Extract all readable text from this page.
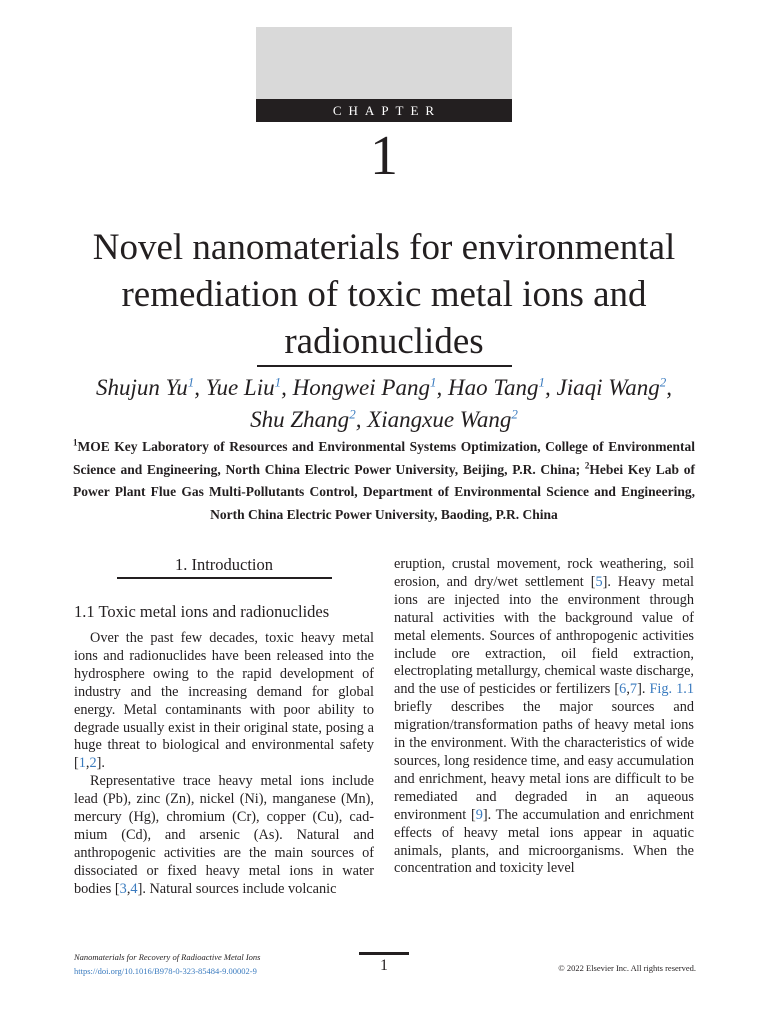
CHAPTER
1
Novel nanomaterials for environmental remediation of toxic metal ions and radionuclides
Shujun Yu$^1$, Yue Liu$^1$, Hongwei Pang$^1$, Hao Tang$^1$, Jiaqi Wang$^2$,
Shu Zhang$^2$, Xiangxue Wang$^2$
$^1$MOE Key Laboratory of Resources and Environmental Systems Optimization, College of Environmental Science and Engineering, North China Electric Power University, Beijing, P.R. China; $^2$Hebei Key Lab of Power Plant Flue Gas Multi-Pollutants Control, Department of Environmental Science and Engineering, North China Electric Power University, Baoding, P.R. China
1. Introduction
1.1 Toxic metal ions and radionuclides

Over the past few decades, toxic heavy metal ions and radionuclides have been released into the hydrosphere owing to the rapid development of industry and the increasing demand for global energy. Metal contaminants with poor ability to degrade usually exist in their original state, posing a huge threat to biological and environmental safety [1,2].

Representative trace heavy metal ions include lead (Pb), zinc (Zn), nickel (Ni), manganese (Mn), mercury (Hg), chromium (Cr), copper (Cu), cadmium (Cd), and arsenic (As). Natural and anthropogenic activities are the main sources of dissociated or fixed heavy metal ions in water bodies [3,4]. Natural sources include volcanic

eruption, crustal movement, rock weathering, soil erosion, and dry/wet settlement [5]. Heavy metal ions are injected into the environment through natural activities with the background value of metal elements. Sources of anthropogenic activities include ore extraction, oil field extraction, electroplating metallurgy, chemical waste discharge, and the use of pesticides or fertilizers [6,7]. Fig. 1.1 briefly describes the major sources and migration/transformation paths of heavy metal ions in the environment. With the characteristics of wide sources, long residence time, and easy accumulation and enrichment, heavy metal ions are difficult to be remediated and degraded in an aqueous environment [9]. The accumulation and enrichment effects of heavy metal ions appear in aquatic animals, plants, and microorganisms. When the concentration and toxicity level

Nanomaterials for Recovery of Radioactive Metal Ions
https://doi.org/10.1016/B978-0-323-85484-9.00002-9	1	© 2022 Elsevier Inc. All rights reserved.
